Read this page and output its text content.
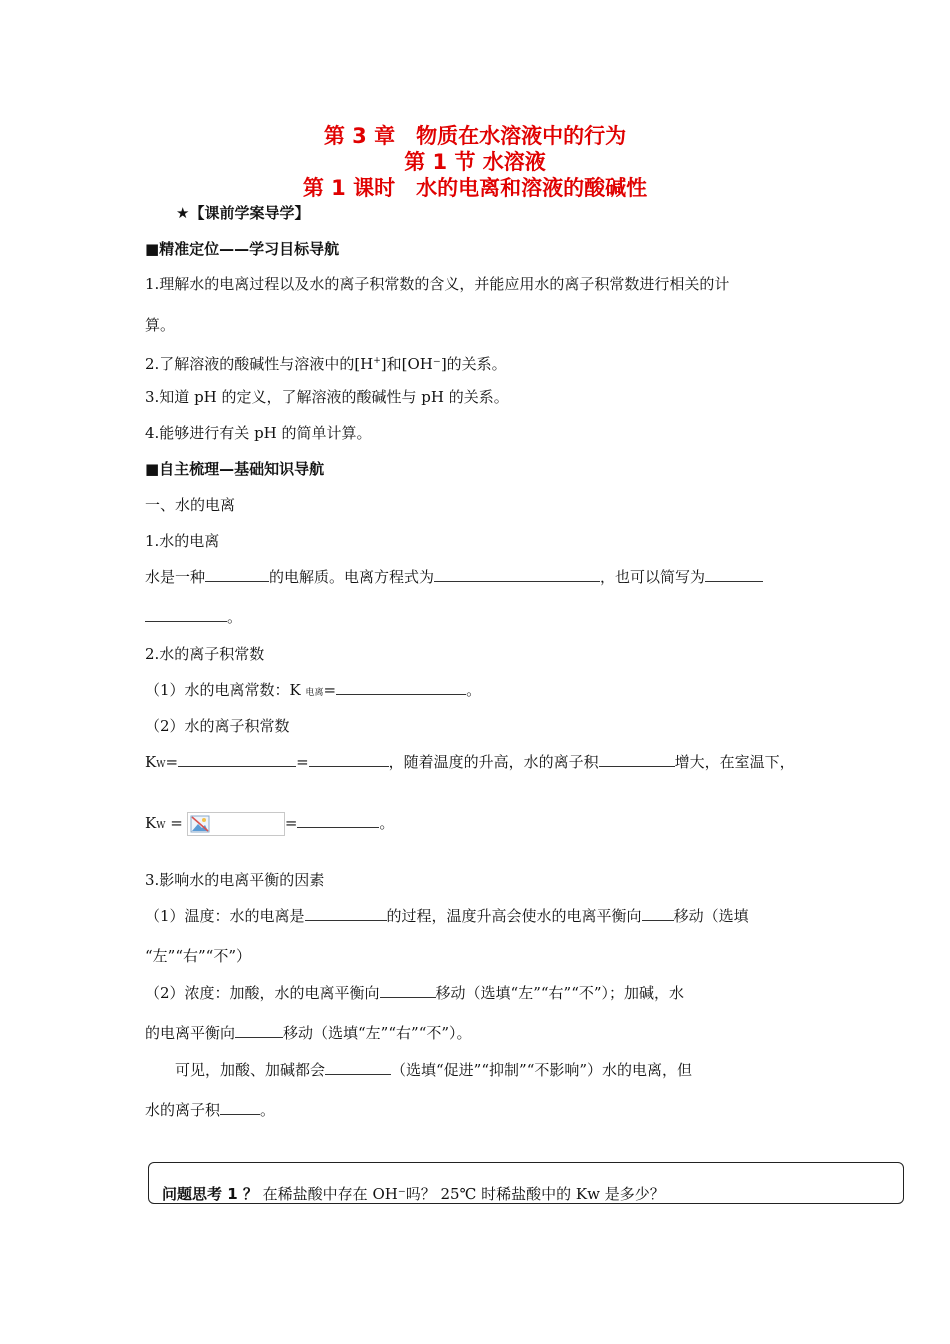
第 3 章　物质在水溶液中的行为
第 1 节 水溶液
第 1 课时　水的电离和溶液的酸碱性
★【课前学案导学】
■精准定位——学习目标导航
1.理解水的电离过程以及水的离子积常数的含义，并能应用水的离子积常数进行相关的计
算。
2.了解溶液的酸碱性与溶液中的[H+]和[OH⁻]的关系。
3.知道 pH 的定义，了解溶液的酸碱性与 pH 的关系。
4.能够进行有关 pH 的简单计算。
■自主梳理—基础知识导航
一、水的电离
1.水的电离
水是一种	的电解质。电离方程式为	，也可以简写为
。
2.水的离子积常数
（1）水的电离常数：K 电离=	。
（2）水的离子积常数
KW=	=	，随着温度的升高，水的离子积	增大，在室温下，
KW =	=	。
3.影响水的电离平衡的因素
（1）温度：水的电离是	的过程，温度升高会使水的电离平衡向 移动（选填
“左”“右”“不”）
（2）浓度：加酸，水的电离平衡向	移动（选填“左”“右”“不”）；加碱，水
的电离平衡向	移动（选填“左”“右”“不”）。
　　可见，加酸、加碱都会	（选填“促进”“抑制”“不影响”）水的电离，但
水的离子积	。
问题思考 1 ？ 在稀盐酸中存在 OH⁻吗？ 25℃ 时稀盐酸中的 Kw 是多少？
